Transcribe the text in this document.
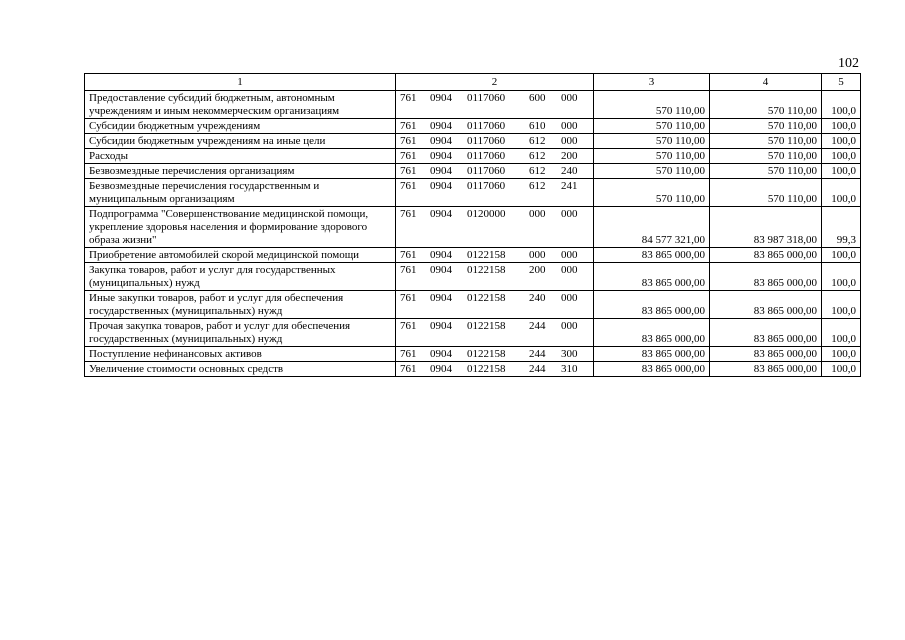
102
1	2	3	4	5
Предоставление субсидий бюджетным, автономным учреждениям и иным некоммерческим организациям	761 0904 0117060 600 000	570 110,00	570 110,00	100,0
Субсидии бюджетным учреждениям	761 0904 0117060 610 000	570 110,00	570 110,00	100,0
Субсидии бюджетным учреждениям на иные цели	761 0904 0117060 612 000	570 110,00	570 110,00	100,0
Расходы	761 0904 0117060 612 200	570 110,00	570 110,00	100,0
Безвозмездные перечисления организациям	761 0904 0117060 612 240	570 110,00	570 110,00	100,0
Безвозмездные перечисления государственным и муниципальным организациям	761 0904 0117060 612 241	570 110,00	570 110,00	100,0
Подпрограмма "Совершенствование медицинской помощи, укрепление здоровья населения и формирование здорового образа жизни"	761 0904 0120000 000 000	84 577 321,00	83 987 318,00	99,3
Приобретение автомобилей скорой медицинской помощи	761 0904 0122158 000 000	83 865 000,00	83 865 000,00	100,0
Закупка товаров, работ и услуг для государственных (муниципальных) нужд	761 0904 0122158 200 000	83 865 000,00	83 865 000,00	100,0
Иные закупки товаров, работ и услуг для обеспечения государственных (муниципальных) нужд	761 0904 0122158 240 000	83 865 000,00	83 865 000,00	100,0
Прочая закупка товаров, работ и услуг для обеспечения государственных (муниципальных) нужд	761 0904 0122158 244 000	83 865 000,00	83 865 000,00	100,0
Поступление нефинансовых активов	761 0904 0122158 244 300	83 865 000,00	83 865 000,00	100,0
Увеличение стоимости основных средств	761 0904 0122158 244 310	83 865 000,00	83 865 000,00	100,0
